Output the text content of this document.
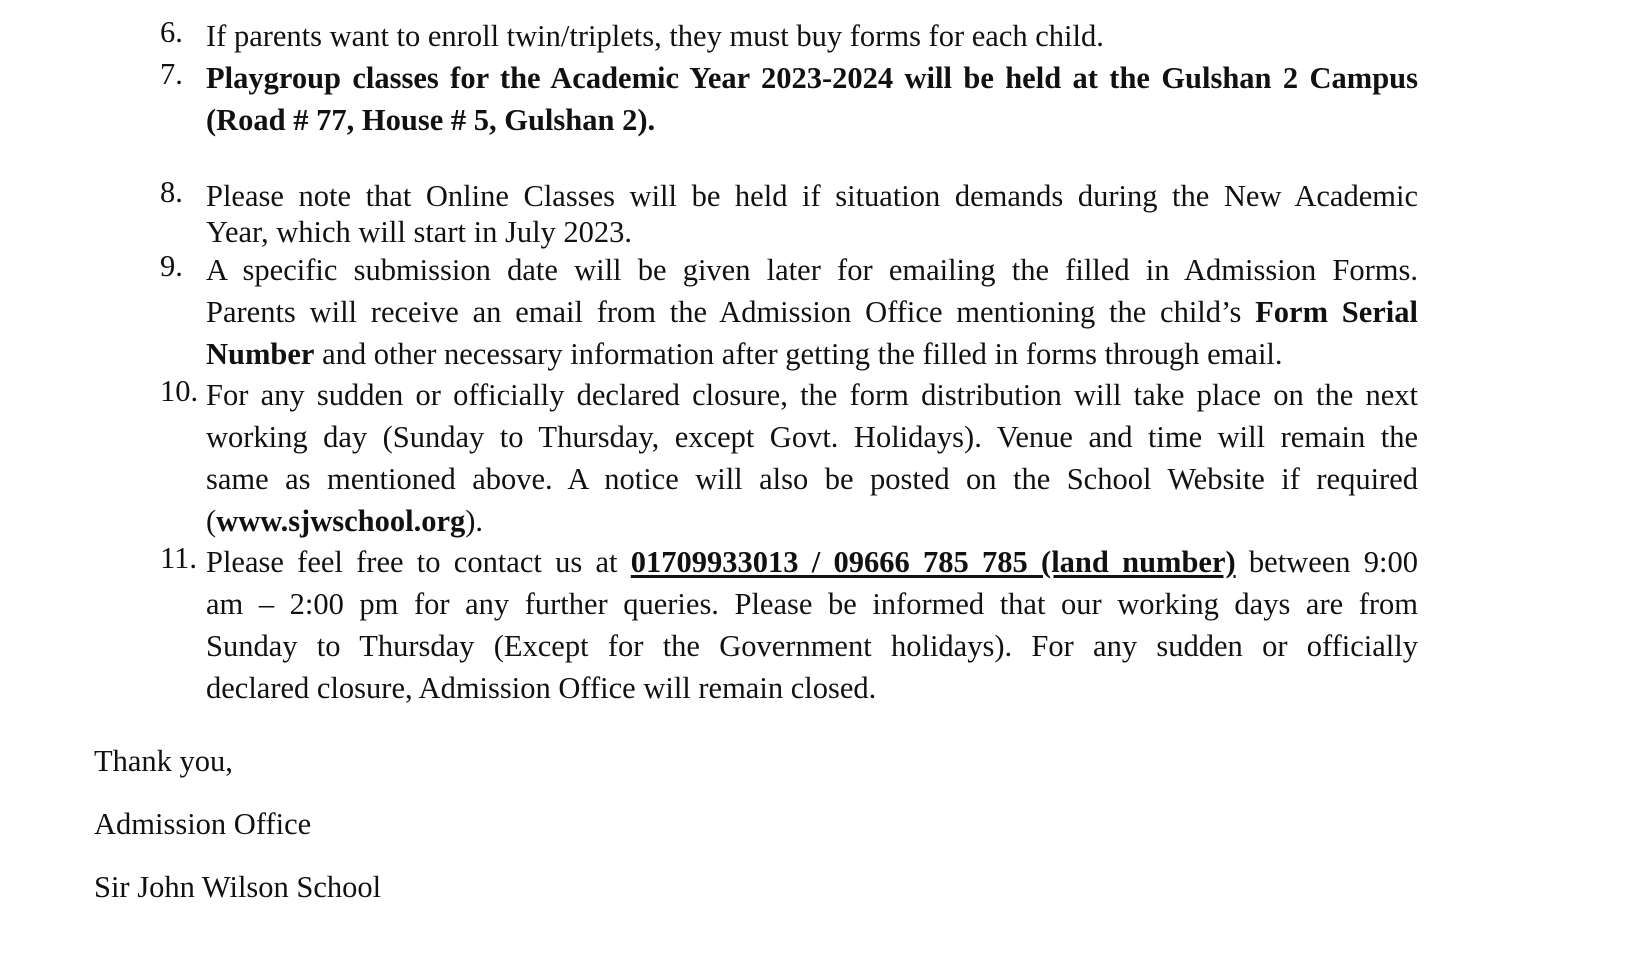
6. If parents want to enroll twin/triplets, they must buy forms for each child.
7. Playgroup classes for the Academic Year 2023-2024 will be held at the Gulshan 2 Campus
(Road # 77, House # 5, Gulshan 2).
8. Please note that Online Classes will be held if situation demands during the New Academic
Year, which will start in July 2023.
9. A specific submission date will be given later for emailing the filled in Admission Forms.
Parents will receive an email from the Admission Office mentioning the child’s Form Serial
Number and other necessary information after getting the filled in forms through email.
10. For any sudden or officially declared closure, the form distribution will take place on the next
working day (Sunday to Thursday, except Govt. Holidays). Venue and time will remain the
same as mentioned above. A notice will also be posted on the School Website if required
(www.sjwschool.org).
11. Please feel free to contact us at 01709933013 / 09666 785 785 (land number) between 9:00
am – 2:00 pm for any further queries. Please be informed that our working days are from
Sunday to Thursday (Except for the Government holidays). For any sudden or officially
declared closure, Admission Office will remain closed.
Thank you,
Admission Office
Sir John Wilson School
